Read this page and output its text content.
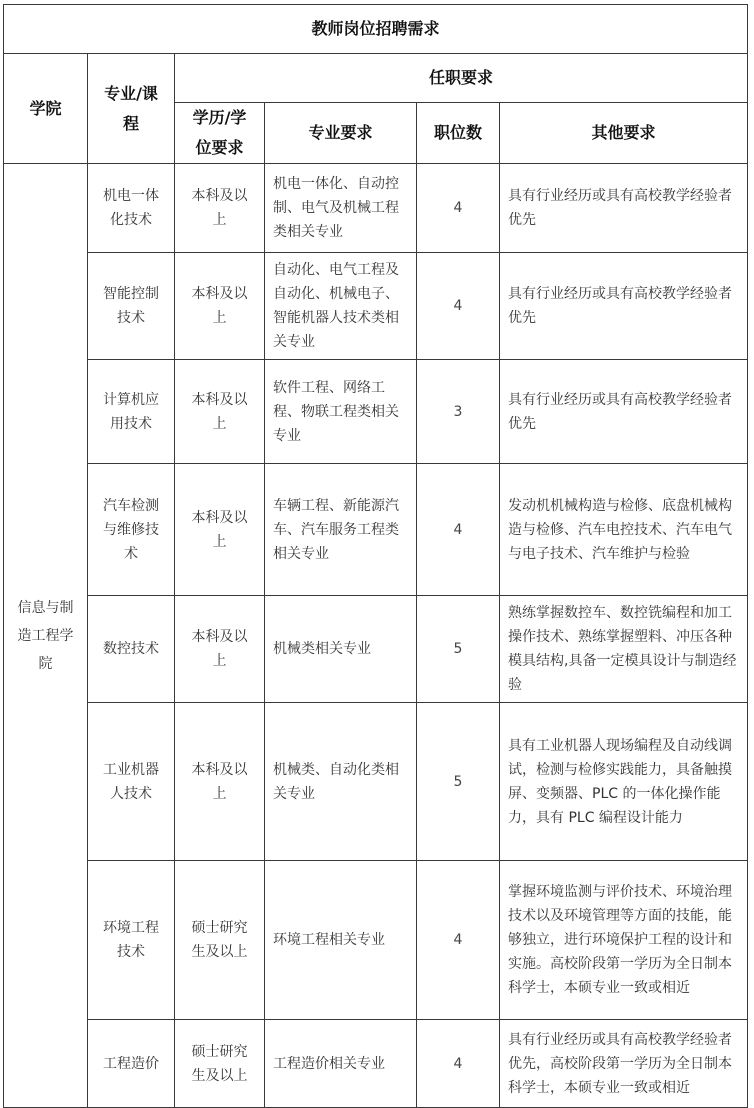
教师岗位招聘需求					
学院	专业/课程	任职要求			
		学历/学位要求	专业要求	职位数	其他要求
信息与制造工程学院	机电一体化技术	本科及以上	机电一体化、自动控制、电气及机械工程类相关专业	4	具有行业经历或具有高校教学经验者优先
	智能控制技术	本科及以上	自动化、电气工程及自动化、机械电子、智能机器人技术类相关专业	4	具有行业经历或具有高校教学经验者优先
	计算机应用技术	本科及以上	软件工程、网络工程、物联工程类相关专业	3	具有行业经历或具有高校教学经验者优先
	汽车检测与维修技术	本科及以上	车辆工程、新能源汽车、汽车服务工程类相关专业	4	发动机机械构造与检修、底盘机械构造与检修、汽车电控技术、汽车电气与电子技术、汽车维护与检验
	数控技术	本科及以上	机械类相关专业	5	熟练掌握数控车、数控铣编程和加工操作技术、熟练掌握塑料、冲压各种模具结构,具备一定模具设计与制造经验
	工业机器人技术	本科及以上	机械类、自动化类相关专业	5	具有工业机器人现场编程及自动线调试，检测与检修实践能力，具备触摸屏、变频器、PLC 的一体化操作能力，具有 PLC 编程设计能力
	环境工程技术	硕士研究生及以上	环境工程相关专业	4	掌握环境监测与评价技术、环境治理技术以及环境管理等方面的技能，能够独立，进行环境保护工程的设计和实施。高校阶段第一学历为全日制本科学士，本硕专业一致或相近
	工程造价	硕士研究生及以上	工程造价相关专业	4	具有行业经历或具有高校教学经验者优先，高校阶段第一学历为全日制本科学士，本硕专业一致或相近
